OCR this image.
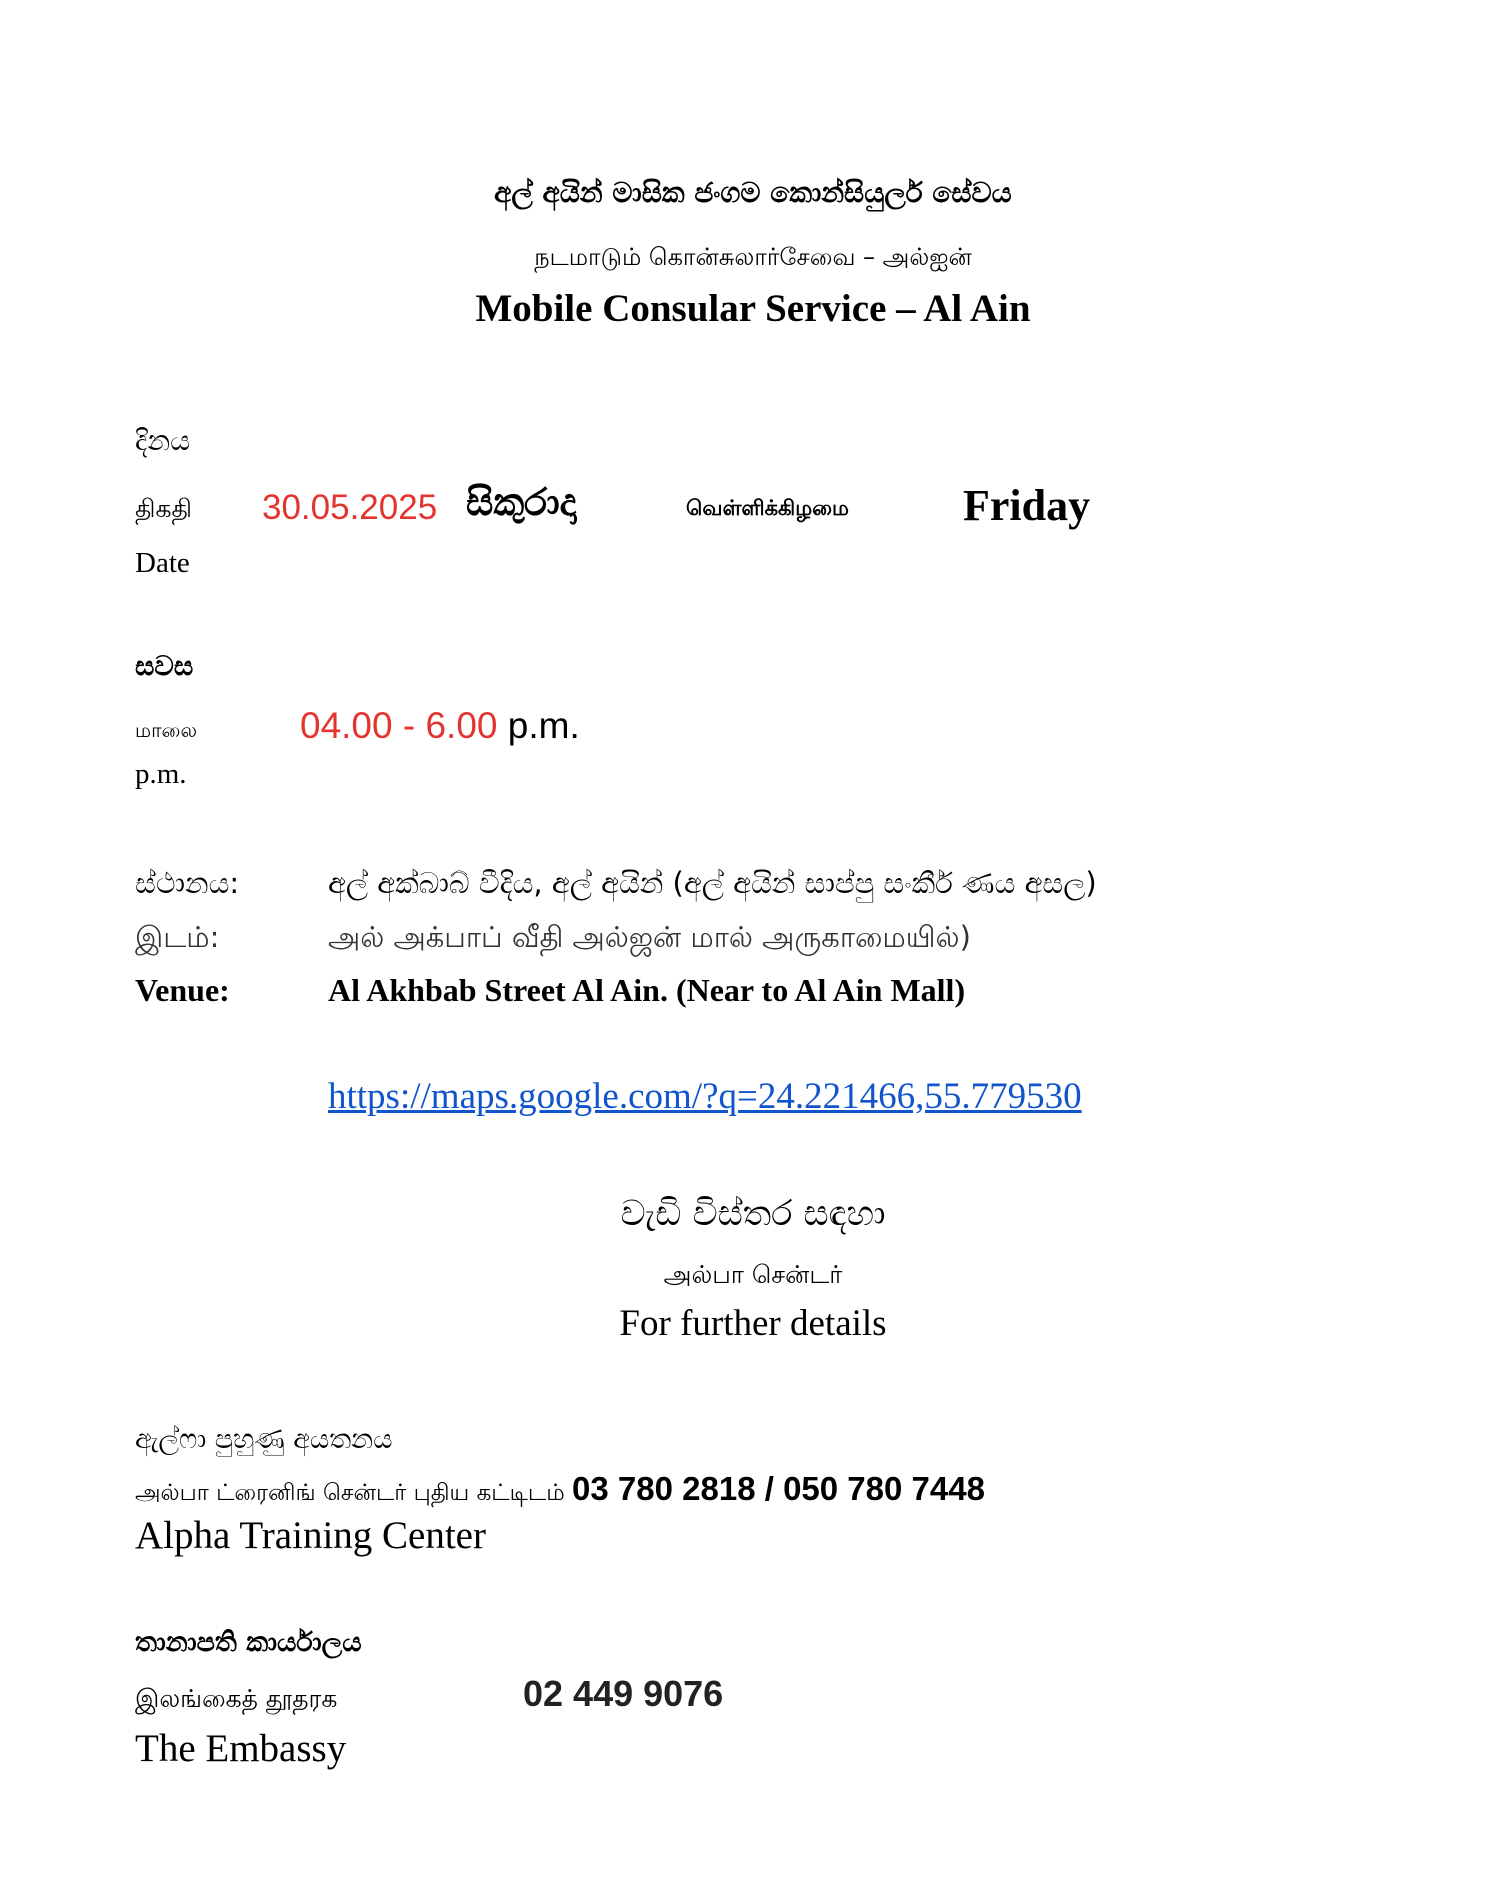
අල් අයින් මාසික ජංගම කොන්සියුලර් සේවය
நடமாடும் கொன்சுலார்சேவை – அல்ஐன்
Mobile Consular Service – Al Ain
දිනය
திகதி 30.05.2025 සිකුරාදා	வெள்ளிக்கிழமை	Friday
Date
සවස
மாலை	04.00 - 6.00 p.m.
p.m.
ස්ථානය:	අල් අක්බාබ් වීදිය, අල් අයින් (අල් අයින් සාප්පු සංකීර් ණය අසල)
இடம்:	அல் அக்பாப் வீதி அல்ஜன் மால் அருகாமையில்)
Venue:	Al Akhbab Street Al Ain. (Near to Al Ain Mall)
https://maps.google.com/?q=24.221466,55.779530
වැඩි විස්තර සඳහා
அல்பா சென்டர்
For further details
ඇල්ෆා පුහුණු අයතනය
அல்பா ட்ரைனிங் சென்டர் புதிய கட்டிடம் 03 780 2818 / 050 780 7448
Alpha Training Center
තානාපති කාර්යාලය
இலங்கைத் தூதரக	02 449 9076
The Embassy
